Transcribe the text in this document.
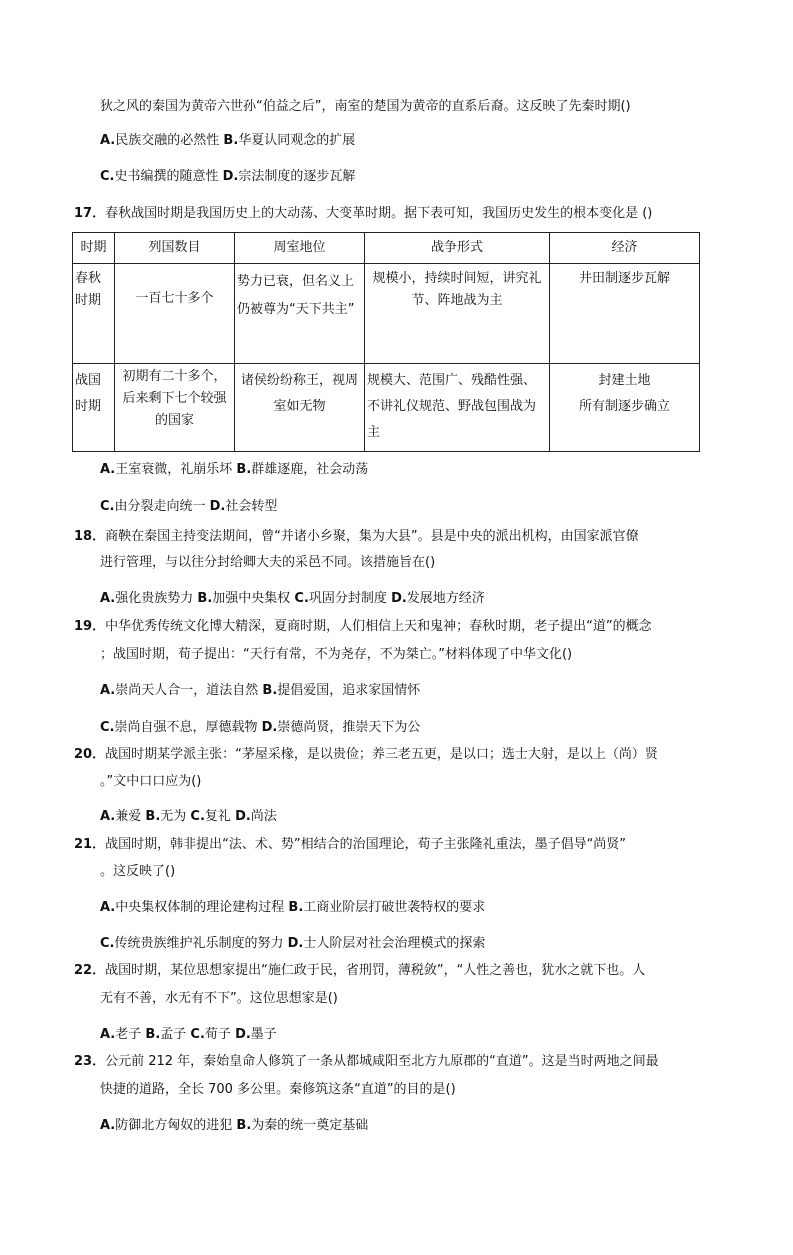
狄之风的秦国为黄帝六世孙“伯益之后”，南室的楚国为黄帝的直系后裔。这反映了先秦时期()
A.民族交融的必然性 B.华夏认同观念的扩展
C.史书编撰的随意性 D.宗法制度的逐步瓦解
17．春秋战国时期是我国历史上的大动荡、大变革时期。据下表可知，我国历史发生的根本变化是 ()
时期	列国数目	周室地位	战争形式	经济
春秋时期	一百七十多个	势力已衰，但名义上仍被尊为“天下共主”	规模小，持续时间短，讲究礼节、阵地战为主	井田制逐步瓦解
战国时期	初期有二十多个，后来剩下七个较强的国家	诸侯纷纷称王，视周室如无物	规模大、范围广、残酷性强、不讲礼仪规范、野战包围战为主	封建土地
所有制逐步确立
A.王室衰微，礼崩乐坏 B.群雄逐鹿，社会动荡
C.由分裂走向统一 D.社会转型
18．商鞅在秦国主持变法期间，曾“并诸小乡聚，集为大县”。县是中央的派出机构，由国家派官僚
进行管理，与以往分封给卿大夫的采邑不同。该措施旨在()
A.强化贵族势力 B.加强中央集权 C.巩固分封制度 D.发展地方经济
19．中华优秀传统文化博大精深，夏商时期，人们相信上天和鬼神；春秋时期，老子提出“道”的概念
；战国时期，荀子提出：“天行有常，不为尧存，不为桀亡。”材料体现了中华文化()
A.崇尚天人合一，道法自然 B.提倡爱国，追求家国情怀
C.崇尚自强不息，厚德载物 D.崇德尚贤，推崇天下为公
20．战国时期某学派主张：“茅屋采椽，是以贵俭；养三老五更，是以口；选士大射，是以上（尚）贤
。”文中口口应为()
A.兼爱 B.无为 C.复礼 D.尚法
21．战国时期，韩非提出“法、术、势”相结合的治国理论，荀子主张隆礼重法，墨子倡导“尚贤”
。这反映了()
A.中央集权体制的理论建构过程 B.工商业阶层打破世袭特权的要求
C.传统贵族维护礼乐制度的努力 D.士人阶层对社会治理模式的探索
22．战国时期，某位思想家提出“施仁政于民，省刑罚，薄税敛”，“人性之善也，犹水之就下也。人
无有不善，水无有不下”。这位思想家是()
A.老子 B.孟子 C.荀子 D.墨子
23．公元前 212 年，秦始皇命人修筑了一条从都城咸阳至北方九原郡的“直道”。这是当时两地之间最
快捷的道路，全长 700 多公里。秦修筑这条“直道”的目的是()
A.防御北方匈奴的进犯 B.为秦的统一奠定基础
